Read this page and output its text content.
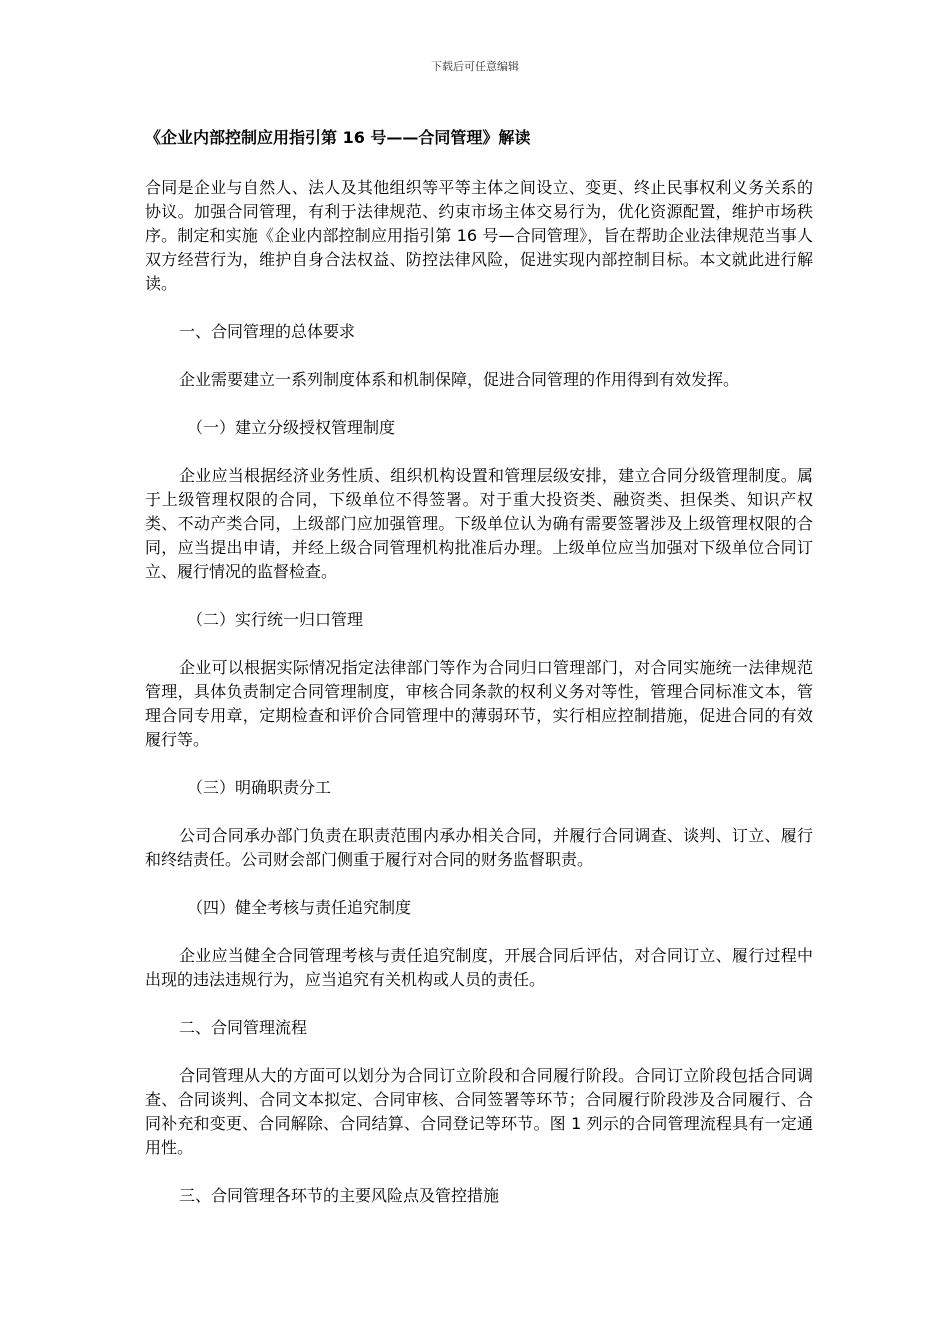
下载后可任意编辑
《企业内部控制应用指引第 16 号——合同管理》解读

合同是企业与自然人、法人及其他组织等平等主体之间设立、变更、终止民事权利义务关系的协议。加强合同管理，有利于法律规范、约束市场主体交易行为，优化资源配置，维护市场秩序。制定和实施《企业内部控制应用指引第 16 号—合同管理》，旨在帮助企业法律规范当事人双方经营行为，维护自身合法权益、防控法律风险，促进实现内部控制目标。本文就此进行解读。

一、合同管理的总体要求

企业需要建立一系列制度体系和机制保障，促进合同管理的作用得到有效发挥。

（一）建立分级授权管理制度

企业应当根据经济业务性质、组织机构设置和管理层级安排，建立合同分级管理制度。属于上级管理权限的合同，下级单位不得签署。对于重大投资类、融资类、担保类、知识产权类、不动产类合同，上级部门应加强管理。下级单位认为确有需要签署涉及上级管理权限的合同，应当提出申请，并经上级合同管理机构批准后办理。上级单位应当加强对下级单位合同订立、履行情况的监督检查。

（二）实行统一归口管理

企业可以根据实际情况指定法律部门等作为合同归口管理部门，对合同实施统一法律规范管理，具体负责制定合同管理制度，审核合同条款的权利义务对等性，管理合同标准文本，管理合同专用章，定期检查和评价合同管理中的薄弱环节，实行相应控制措施，促进合同的有效履行等。

（三）明确职责分工

公司合同承办部门负责在职责范围内承办相关合同，并履行合同调查、谈判、订立、履行和终结责任。公司财会部门侧重于履行对合同的财务监督职责。

（四）健全考核与责任追究制度

企业应当健全合同管理考核与责任追究制度，开展合同后评估，对合同订立、履行过程中出现的违法违规行为，应当追究有关机构或人员的责任。

二、合同管理流程

合同管理从大的方面可以划分为合同订立阶段和合同履行阶段。合同订立阶段包括合同调查、合同谈判、合同文本拟定、合同审核、合同签署等环节；合同履行阶段涉及合同履行、合同补充和变更、合同解除、合同结算、合同登记等环节。图 1 列示的合同管理流程具有一定通用性。

三、合同管理各环节的主要风险点及管控措施
